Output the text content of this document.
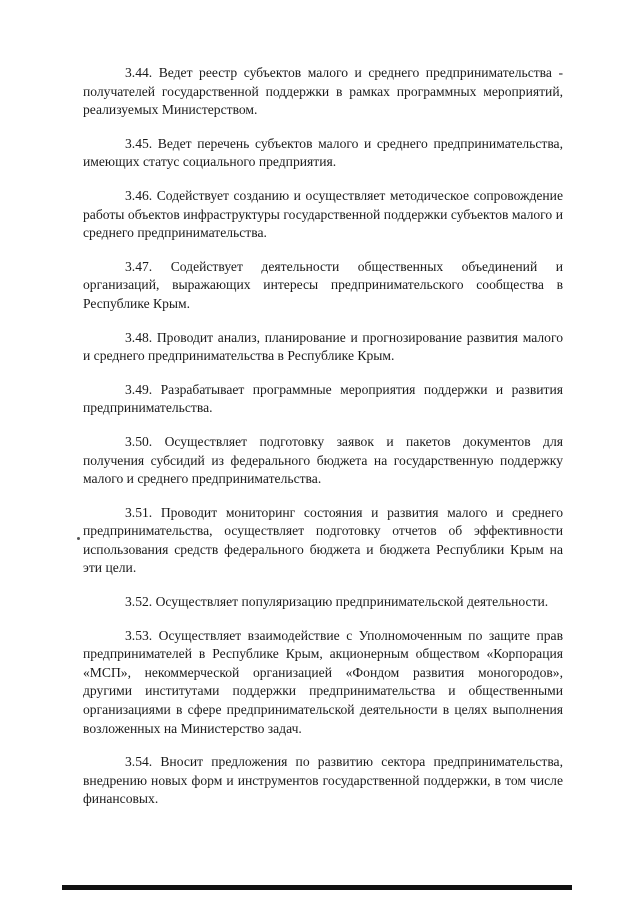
3.44. Ведет реестр субъектов малого и среднего предпринимательства - получателей государственной поддержки в рамках программных мероприятий, реализуемых Министерством.

3.45. Ведет перечень субъектов малого и среднего предпринимательства, имеющих статус социального предприятия.

3.46. Содействует созданию и осуществляет методическое сопровождение работы объектов инфраструктуры государственной поддержки субъектов малого и среднего предпринимательства.

3.47. Содействует деятельности общественных объединений и организаций, выражающих интересы предпринимательского сообщества в Республике Крым.

3.48. Проводит анализ, планирование и прогнозирование развития малого и среднего предпринимательства в Республике Крым.

3.49. Разрабатывает программные мероприятия поддержки и развития предпринимательства.

3.50. Осуществляет подготовку заявок и пакетов документов для получения субсидий из федерального бюджета на государственную поддержку малого и среднего предпринимательства.

3.51. Проводит мониторинг состояния и развития малого и среднего предпринимательства, осуществляет подготовку отчетов об эффективности использования средств федерального бюджета и бюджета Республики Крым на эти цели.

3.52. Осуществляет популяризацию предпринимательской деятельности.

3.53. Осуществляет взаимодействие с Уполномоченным по защите прав предпринимателей в Республике Крым, акционерным обществом «Корпорация «МСП», некоммерческой организацией «Фондом развития моногородов», другими институтами поддержки предпринимательства и общественными организациями в сфере предпринимательской деятельности в целях выполнения возложенных на Министерство задач.

3.54. Вносит предложения по развитию сектора предпринимательства, внедрению новых форм и инструментов государственной поддержки, в том числе финансовых.
